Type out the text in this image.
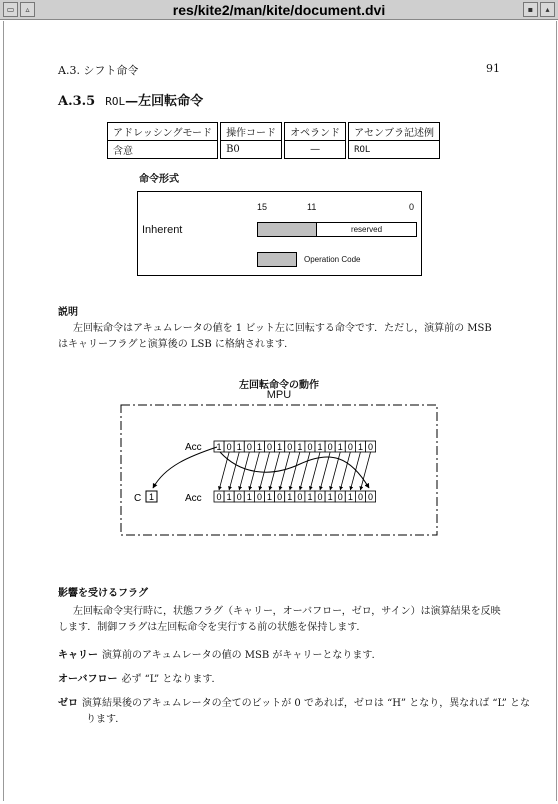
▭	▵	res/kite2/man/kite/document.dvi	▪	▴
A.3. シフト命令	91
A.3.5 ROL—左回転命令
アドレッシングモード	操作コード	オペランド	アセンブラ記述例
含意	B0	—	ROL
命令形式
15	11	0
Inherent	reserved
Operation Code
説明
左回転命令はアキュムレータの値を 1 ビット左に回転する命令です．ただし，演算前の MSB はキャリーフラグと演算後の LSB に格納されます．
左回転命令の動作
MPU
Acc
Acc
C 1
1 0 1 0 1 0 1 0 1 0 1 0 1 0 1 0
0 1 0 1 0 1 0 1 0 1 0 1 0 1 0 0
影響を受けるフラグ
左回転命令実行時に，状態フラグ（キャリー，オーバフロー，ゼロ，サイン）は演算結果を反映します．制御フラグは左回転命令を実行する前の状態を保持します．
キャリー 演算前のアキュムレータの値の MSB がキャリーとなります．
オーバフロー 必ず “L” となります．
ゼロ 演算結果後のアキュムレータの全てのビットが 0 であれば，ゼロは “H” となり，異なれば “L” となります．
